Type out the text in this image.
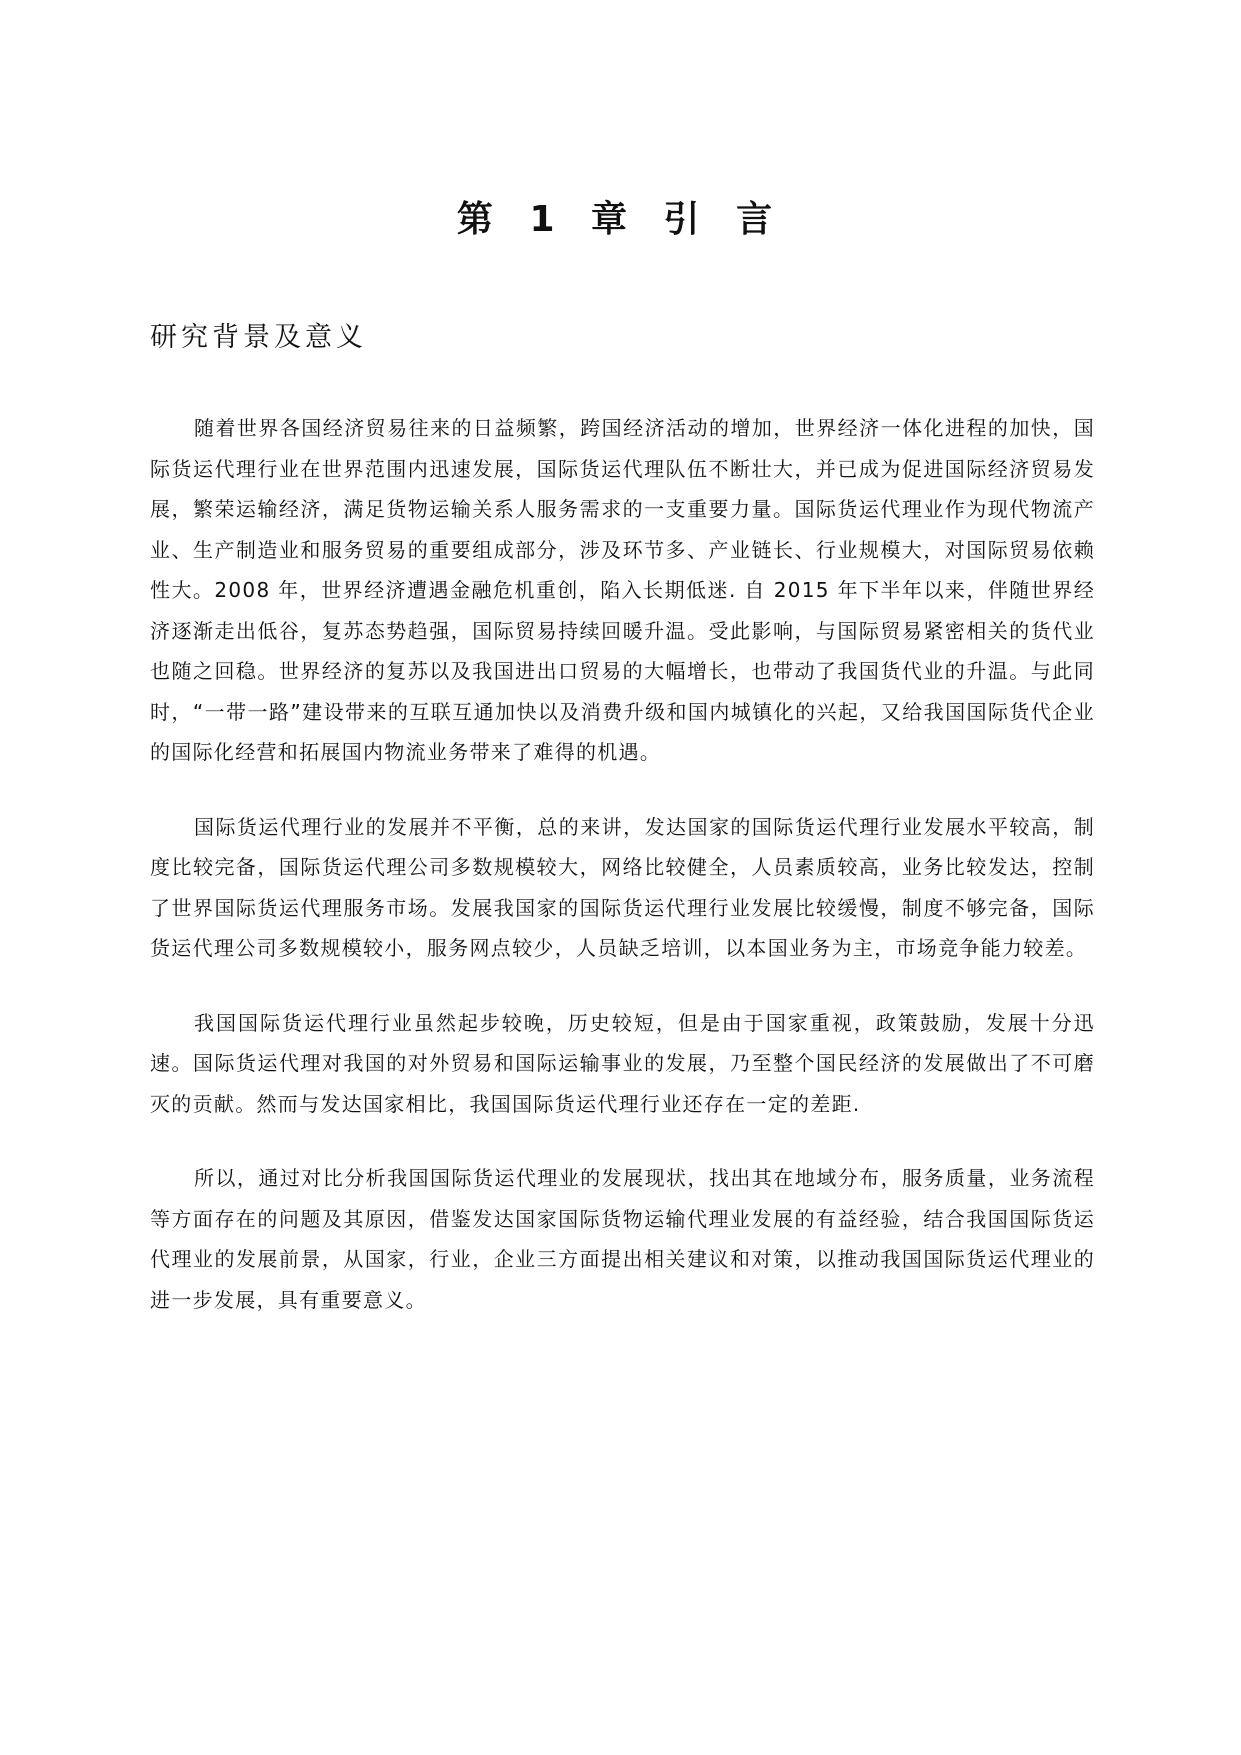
第 1 章 引 言
研究背景及意义

随着世界各国经济贸易往来的日益频繁，跨国经济活动的增加，世界经济一体化进程的加快，国际货运代理行业在世界范围内迅速发展，国际货运代理队伍不断壮大，并已成为促进国际经济贸易发展，繁荣运输经济，满足货物运输关系人服务需求的一支重要力量。国际货运代理业作为现代物流产业、生产制造业和服务贸易的重要组成部分，涉及环节多、产业链长、行业规模大，对国际贸易依赖性大。2008 年，世界经济遭遇金融危机重创，陷入长期低迷. 自 2015 年下半年以来，伴随世界经济逐渐走出低谷，复苏态势趋强，国际贸易持续回暖升温。受此影响，与国际贸易紧密相关的货代业也随之回稳。世界经济的复苏以及我国进出口贸易的大幅增长，也带动了我国货代业的升温。与此同时，“一带一路”建设带来的互联互通加快以及消费升级和国内城镇化的兴起，又给我国国际货代企业的国际化经营和拓展国内物流业务带来了难得的机遇。

国际货运代理行业的发展并不平衡，总的来讲，发达国家的国际货运代理行业发展水平较高，制度比较完备，国际货运代理公司多数规模较大，网络比较健全，人员素质较高，业务比较发达，控制了世界国际货运代理服务市场。发展我国家的国际货运代理行业发展比较缓慢，制度不够完备，国际货运代理公司多数规模较小，服务网点较少，人员缺乏培训，以本国业务为主，市场竞争能力较差。

我国国际货运代理行业虽然起步较晚，历史较短，但是由于国家重视，政策鼓励，发展十分迅速。国际货运代理对我国的对外贸易和国际运输事业的发展，乃至整个国民经济的发展做出了不可磨灭的贡献。然而与发达国家相比，我国国际货运代理行业还存在一定的差距.

所以，通过对比分析我国国际货运代理业的发展现状，找出其在地域分布，服务质量，业务流程等方面存在的问题及其原因，借鉴发达国家国际货物运输代理业发展的有益经验，结合我国国际货运代理业的发展前景，从国家，行业，企业三方面提出相关建议和对策，以推动我国国际货运代理业的进一步发展，具有重要意义。
